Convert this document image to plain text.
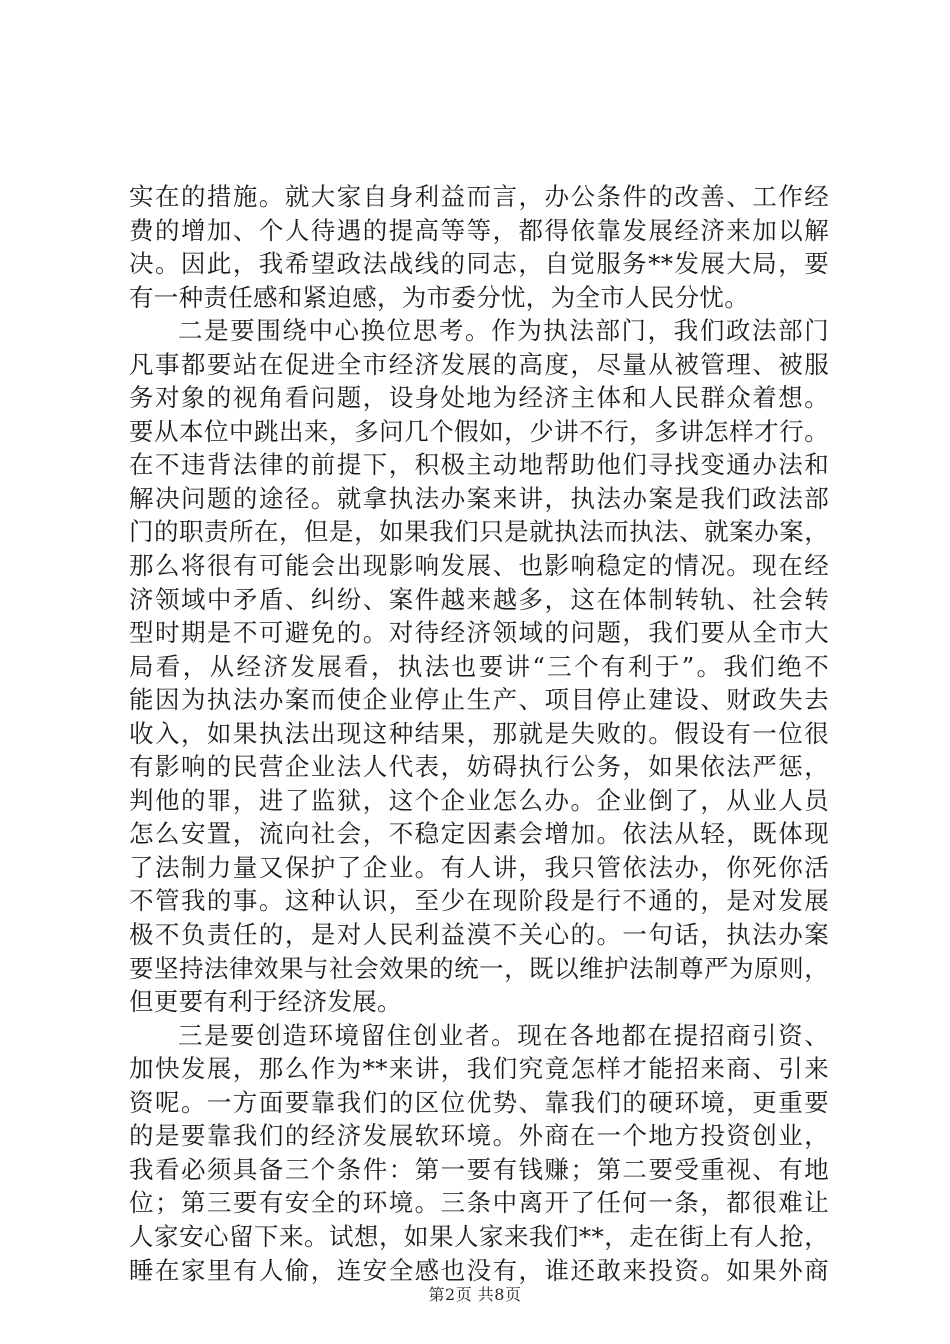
实在的措施。就大家自身利益而言，办公条件的改善、工作经
费的增加、个人待遇的提高等等，都得依靠发展经济来加以解
决。因此，我希望政法战线的同志，自觉服务**发展大局，要
有一种责任感和紧迫感，为市委分忧，为全市人民分忧。
二是要围绕中心换位思考。作为执法部门，我们政法部门
凡事都要站在促进全市经济发展的高度，尽量从被管理、被服
务对象的视角看问题，设身处地为经济主体和人民群众着想。
要从本位中跳出来，多问几个假如，少讲不行，多讲怎样才行。
在不违背法律的前提下，积极主动地帮助他们寻找变通办法和
解决问题的途径。就拿执法办案来讲，执法办案是我们政法部
门的职责所在，但是，如果我们只是就执法而执法、就案办案，
那么将很有可能会出现影响发展、也影响稳定的情况。现在经
济领域中矛盾、纠纷、案件越来越多，这在体制转轨、社会转
型时期是不可避免的。对待经济领域的问题，我们要从全市大
局看，从经济发展看，执法也要讲“三个有利于”。我们绝不
能因为执法办案而使企业停止生产、项目停止建设、财政失去
收入，如果执法出现这种结果，那就是失败的。假设有一位很
有影响的民营企业法人代表，妨碍执行公务，如果依法严惩，
判他的罪，进了监狱，这个企业怎么办。企业倒了，从业人员
怎么安置，流向社会，不稳定因素会增加。依法从轻，既体现
了法制力量又保护了企业。有人讲，我只管依法办，你死你活
不管我的事。这种认识，至少在现阶段是行不通的，是对发展
极不负责任的，是对人民利益漠不关心的。一句话，执法办案
要坚持法律效果与社会效果的统一，既以维护法制尊严为原则，
但更要有利于经济发展。
三是要创造环境留住创业者。现在各地都在提招商引资、
加快发展，那么作为**来讲，我们究竟怎样才能招来商、引来
资呢。一方面要靠我们的区位优势、靠我们的硬环境，更重要
的是要靠我们的经济发展软环境。外商在一个地方投资创业，
我看必须具备三个条件：第一要有钱赚；第二要受重视、有地
位；第三要有安全的环境。三条中离开了任何一条，都很难让
人家安心留下来。试想，如果人家来我们**，走在街上有人抢，
睡在家里有人偷，连安全感也没有，谁还敢来投资。如果外商
第2页 共8页
